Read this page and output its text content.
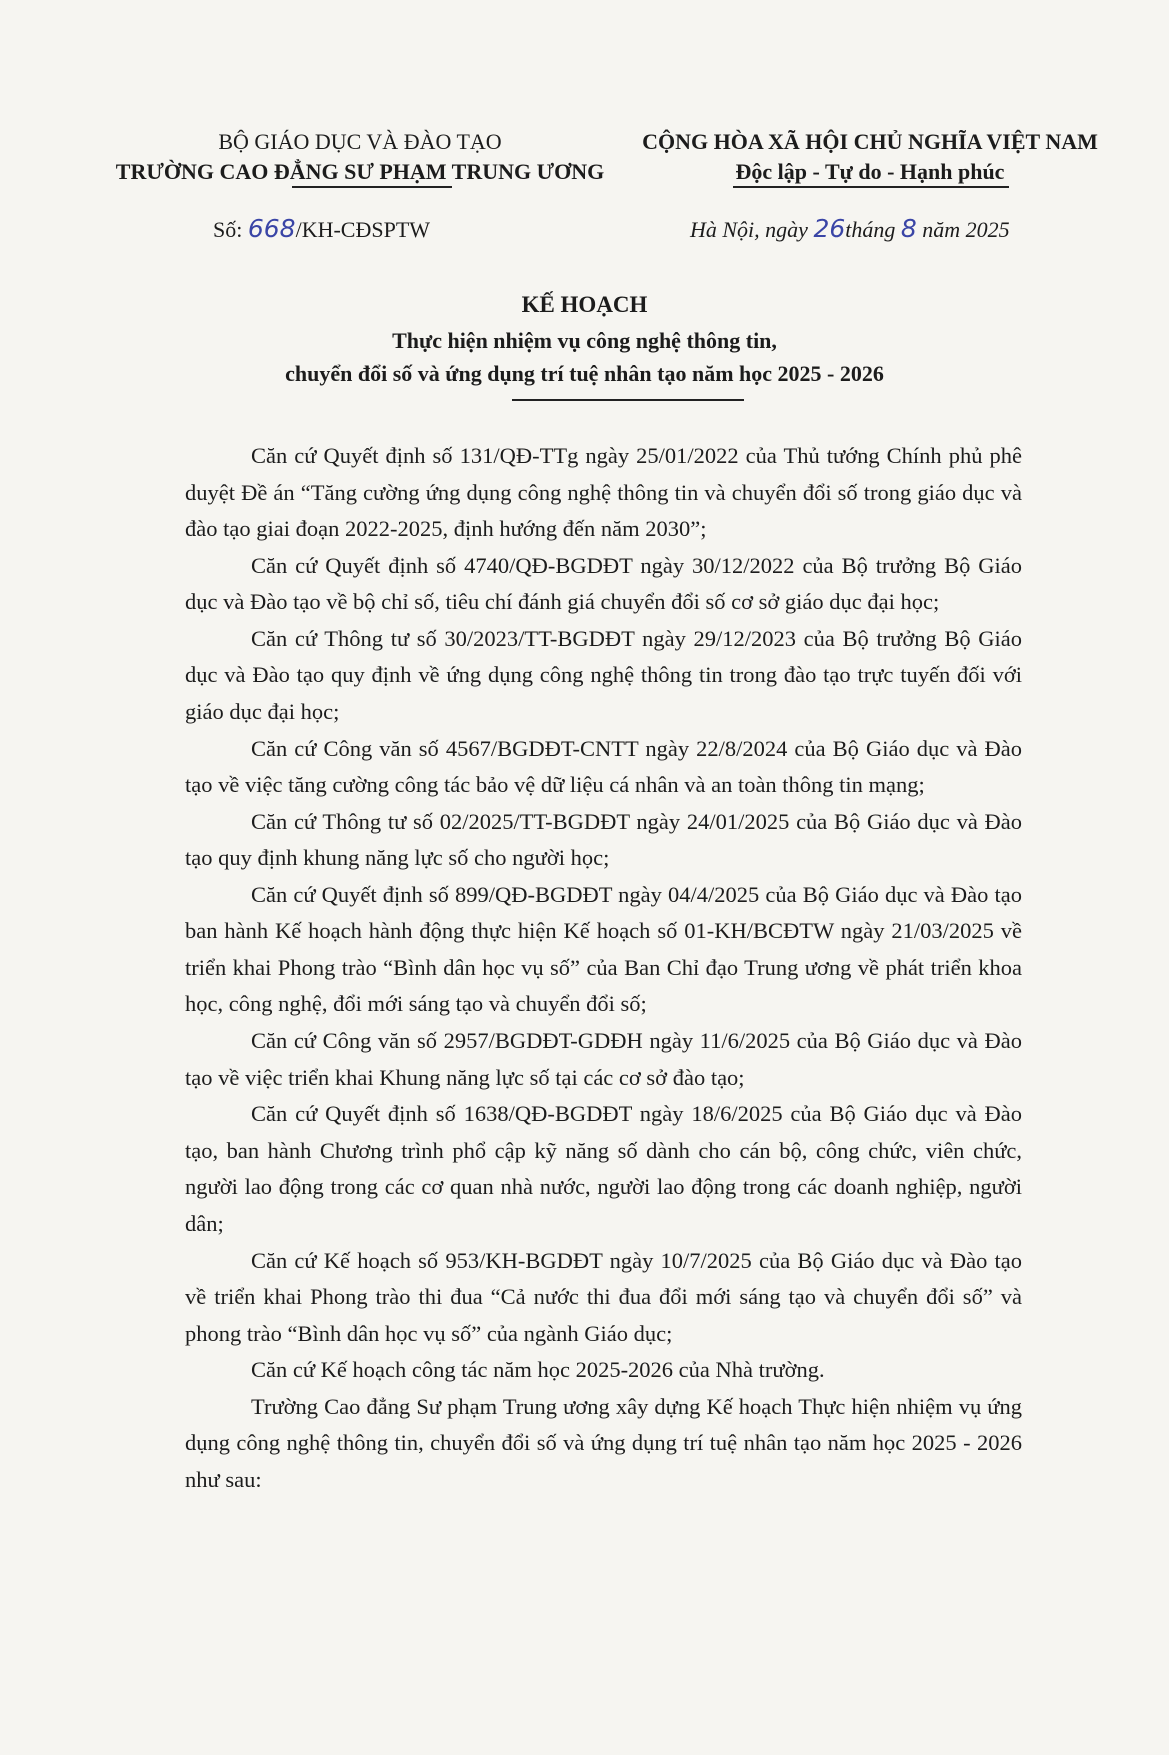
BỘ GIÁO DỤC VÀ ĐÀO TẠO
TRƯỜNG CAO ĐẲNG SƯ PHẠM TRUNG ƯƠNG
CỘNG HÒA XÃ HỘI CHỦ NGHĨA VIỆT NAM
Độc lập - Tự do - Hạnh phúc
Số: 668/KH-CĐSPTW	Hà Nội, ngày 26tháng 8 năm 2025
KẾ HOẠCH
Thực hiện nhiệm vụ công nghệ thông tin,
chuyển đổi số và ứng dụng trí tuệ nhân tạo năm học 2025 - 2026

Căn cứ Quyết định số 131/QĐ-TTg ngày 25/01/2022 của Thủ tướng Chính phủ phê duyệt Đề án “Tăng cường ứng dụng công nghệ thông tin và chuyển đổi số trong giáo dục và đào tạo giai đoạn 2022-2025, định hướng đến năm 2030”;

Căn cứ Quyết định số 4740/QĐ-BGDĐT ngày 30/12/2022 của Bộ trưởng Bộ Giáo dục và Đào tạo về bộ chỉ số, tiêu chí đánh giá chuyển đổi số cơ sở giáo dục đại học;

Căn cứ Thông tư số 30/2023/TT-BGDĐT ngày 29/12/2023 của Bộ trưởng Bộ Giáo dục và Đào tạo quy định về ứng dụng công nghệ thông tin trong đào tạo trực tuyến đối với giáo dục đại học;

Căn cứ Công văn số 4567/BGDĐT-CNTT ngày 22/8/2024 của Bộ Giáo dục và Đào tạo về việc tăng cường công tác bảo vệ dữ liệu cá nhân và an toàn thông tin mạng;

Căn cứ Thông tư số 02/2025/TT-BGDĐT ngày 24/01/2025 của Bộ Giáo dục và Đào tạo quy định khung năng lực số cho người học;

Căn cứ Quyết định số 899/QĐ-BGDĐT ngày 04/4/2025 của Bộ Giáo dục và Đào tạo ban hành Kế hoạch hành động thực hiện Kế hoạch số 01-KH/BCĐTW ngày 21/03/2025 về triển khai Phong trào “Bình dân học vụ số” của Ban Chỉ đạo Trung ương về phát triển khoa học, công nghệ, đổi mới sáng tạo và chuyển đổi số;

Căn cứ Công văn số 2957/BGDĐT-GDĐH ngày 11/6/2025 của Bộ Giáo dục và Đào tạo về việc triển khai Khung năng lực số tại các cơ sở đào tạo;

Căn cứ Quyết định số 1638/QĐ-BGDĐT ngày 18/6/2025 của Bộ Giáo dục và Đào tạo, ban hành Chương trình phổ cập kỹ năng số dành cho cán bộ, công chức, viên chức, người lao động trong các cơ quan nhà nước, người lao động trong các doanh nghiệp, người dân;

Căn cứ Kế hoạch số 953/KH-BGDĐT ngày 10/7/2025 của Bộ Giáo dục và Đào tạo về triển khai Phong trào thi đua “Cả nước thi đua đổi mới sáng tạo và chuyển đổi số” và phong trào “Bình dân học vụ số” của ngành Giáo dục;

Căn cứ Kế hoạch công tác năm học 2025-2026 của Nhà trường.

Trường Cao đẳng Sư phạm Trung ương xây dựng Kế hoạch Thực hiện nhiệm vụ ứng dụng công nghệ thông tin, chuyển đổi số và ứng dụng trí tuệ nhân tạo năm học 2025 - 2026 như sau:
